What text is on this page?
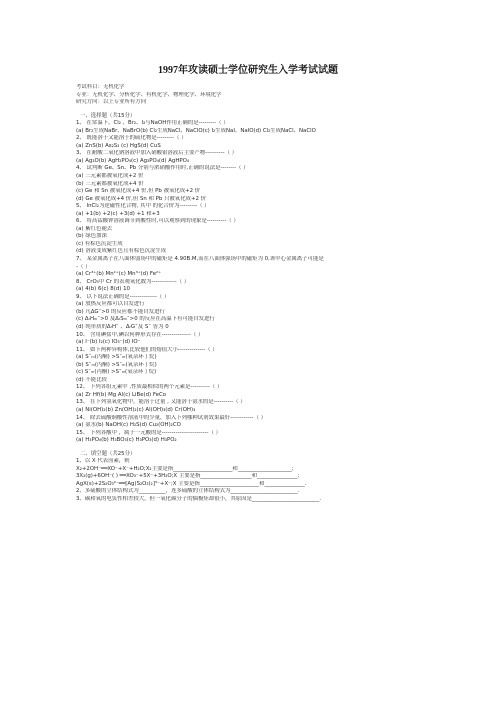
1997年攻读硕士学位研究生入学考试试题
考试科目：无机化学
专业：无机化学、分析化学、有机化学、物理化学、环境化学
研究方向：以上专业所有方向
一、选择题（共15分）
1、 在常温下，Cl₂ 、Br₂、I₂与NaOH作用正确的是---------（ ）
(a) Br₂生成NaBr、NaBrO(b) Cl₂生成NaCl、NaClO(c) I₂生成NaI、NaIO(d) Cl₂生成NaCl、NaClO
2、 既能溶于又能溶于的硫化物是---------（ ）
(a) ZnS(b) As₂S₃ (c) HgS(d) CuS
3、 在耐酸二氧化钠溶液中加入硝酸银溶液后主要产物----------（ ）
(a) Ag₂O(b) AgH₂PO₄(c) Ag₃PO₄(d) AgHPO₄
4、 试判断 Ge、Sn、Pb 分别与浓硝酸作用时,正确的说法是--------（ ）
(a) 三元素都被氧化成+2 价
(b) 三元素都被氧化成+4 价
(c) Ge 和 Sn 被氧化成+4 价,但 Pb 被氧化成+2 价
(d) Ge 被氧化成+4 价,但 Sn 和 Pb 只被氧化成+2 价
5、 InCl₂为逆磁性化合物, 其中 的化合价为---------（ ）
(a) +1(b) +2(c) +3(d) +1 和+3
6、 将高锰酸钾溶液调节到酸性时,可以观察到的现象是----------（ ）
(a) 紫红色褪去
(b) 绿色加深
(c) 有棕色沉淀生成
(d) 溶液变成紫红色且有棕色沉淀生成
7、 某金属离子在八面体弱场中的磁矩是 4.90B.M,而在八面体强场中的磁矩为 0,该中心金属离子可能是
-（ ）
(a) Cr³⁺(b) Mn²⁺(c) Mn³⁺(d) Fe²⁺
8、 CrO₅中 Cr 的表观氧化数为-------------（ ）
(a) 4(b) 6(c) 8(d) 10
9、 以下说法正确的是--------------（ ）
(a) 放热反应都可以自发进行
(b) 凡ΔG˚>0 的反应都不能自发进行
(c) ΔᵣHₘ˚>0 及ΔᵣSₘ˚>0 的反应在高温下有可能自发进行
(d) 纯单质的ΔᵣH˚ 、ΔᵣG˚及 S˚ 皆为 0
10、 含用碘盐中,碘以何种形式存在---------------（ ）
(a) I⁻(b) I₂(c) IO₃⁻(d) IO⁻
11、 如下两种异构体,比较他们的熔值大小--------------（ ）
(a) S˚ₘ(丙酮) >S˚ₘ(氧杂环丁烷)
(b) S˚ₘ(丙酮) >S˚ₘ(氧杂环丁烷)
(c) S˚ₘ(丙酮) >S˚ₘ(氧杂环丁烷)
(d) 不能比较
12、 下列各组元素中 ,性质最相似的两个元素是----------（ ）
(a) Zr Hf(b) Mg Al(c) LiBe(d) FeCo
13、 在下列氢氧化物中，能溶于过量 , 又能溶于氨水的是----------（ ）
(a) Ni(OH)₂(b) Zn(OH)₂(c) Al(OH)₃(d) Cr(OH)₃
14、 除去硫酸铜酸性溶液中的少量，加入下列哪种试剂效果最好------------（ ）
(a) 氨水(b) NaOH(c) H₂S(d) Cu₂(OH)₂CO
15、 下列各酸中 ，属于一元酸的是------------------------（ ）
(a) H₃PO₄(b) H₃BO₃(c) H₃PO₃(d) H₃PO₂
二、填空题（共25分）
1、以 X 代表卤素，则
X₂+2OH⁻══XO⁻+X⁻+H₂O;X₂主要是指______________________和____________________;
3X₂(g)+6OH⁻( ) ══XO₃⁻+5X⁻+3H₂O;X 主要是指___________________和_______________;
AgX(s)+2S₂O₃²⁻══[Ag(S₂O₃)₂]³⁻+X⁻;X 主要是指______________________和_______________.
2、多硫酸的立体结构式为__________，连多硫酸的立体结构式为_________________________.
3、碳和氧的电负性相差较大，但一氧化碳分子的偶极矩却很小，其原因是_________________________.
